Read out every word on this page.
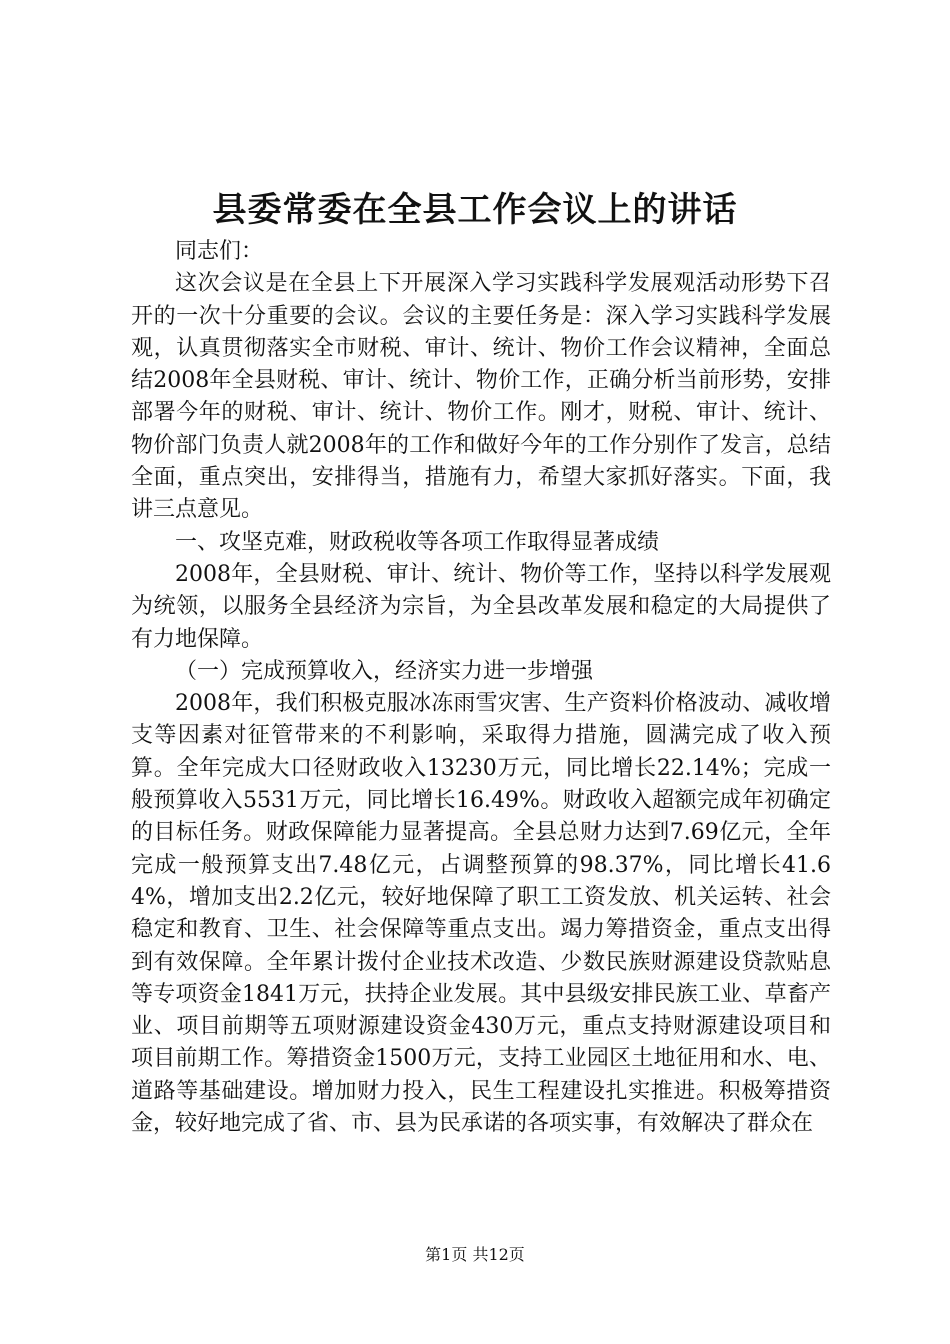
县委常委在全县工作会议上的讲话

同志们：

这次会议是在全县上下开展深入学习实践科学发展观活动形势下召开的一次十分重要的会议。会议的主要任务是：深入学习实践科学发展观，认真贯彻落实全市财税、审计、统计、物价工作会议精神，全面总结2008年全县财税、审计、统计、物价工作，正确分析当前形势，安排部署今年的财税、审计、统计、物价工作。刚才，财税、审计、统计、物价部门负责人就2008年的工作和做好今年的工作分别作了发言，总结全面，重点突出，安排得当，措施有力，希望大家抓好落实。下面，我讲三点意见。

一、攻坚克难，财政税收等各项工作取得显著成绩

2008年，全县财税、审计、统计、物价等工作，坚持以科学发展观为统领，以服务全县经济为宗旨，为全县改革发展和稳定的大局提供了有力地保障。

（一）完成预算收入，经济实力进一步增强

2008年，我们积极克服冰冻雨雪灾害、生产资料价格波动、减收增支等因素对征管带来的不利影响，采取得力措施，圆满完成了收入预算。全年完成大口径财政收入13230万元，同比增长22.14%；完成一般预算收入5531万元，同比增长16.49%。财政收入超额完成年初确定的目标任务。财政保障能力显著提高。全县总财力达到7.69亿元，全年完成一般预算支出7.48亿元，占调整预算的98.37%，同比增长41.64%，增加支出2.2亿元，较好地保障了职工工资发放、机关运转、社会稳定和教育、卫生、社会保障等重点支出。竭力筹措资金，重点支出得到有效保障。全年累计拨付企业技术改造、少数民族财源建设贷款贴息等专项资金1841万元，扶持企业发展。其中县级安排民族工业、草畜产业、项目前期等五项财源建设资金430万元，重点支持财源建设项目和项目前期工作。筹措资金1500万元，支持工业园区土地征用和水、电、道路等基础建设。增加财力投入，民生工程建设扎实推进。积极筹措资金，较好地完成了省、市、县为民承诺的各项实事，有效解决了群众在

第1页 共12页
